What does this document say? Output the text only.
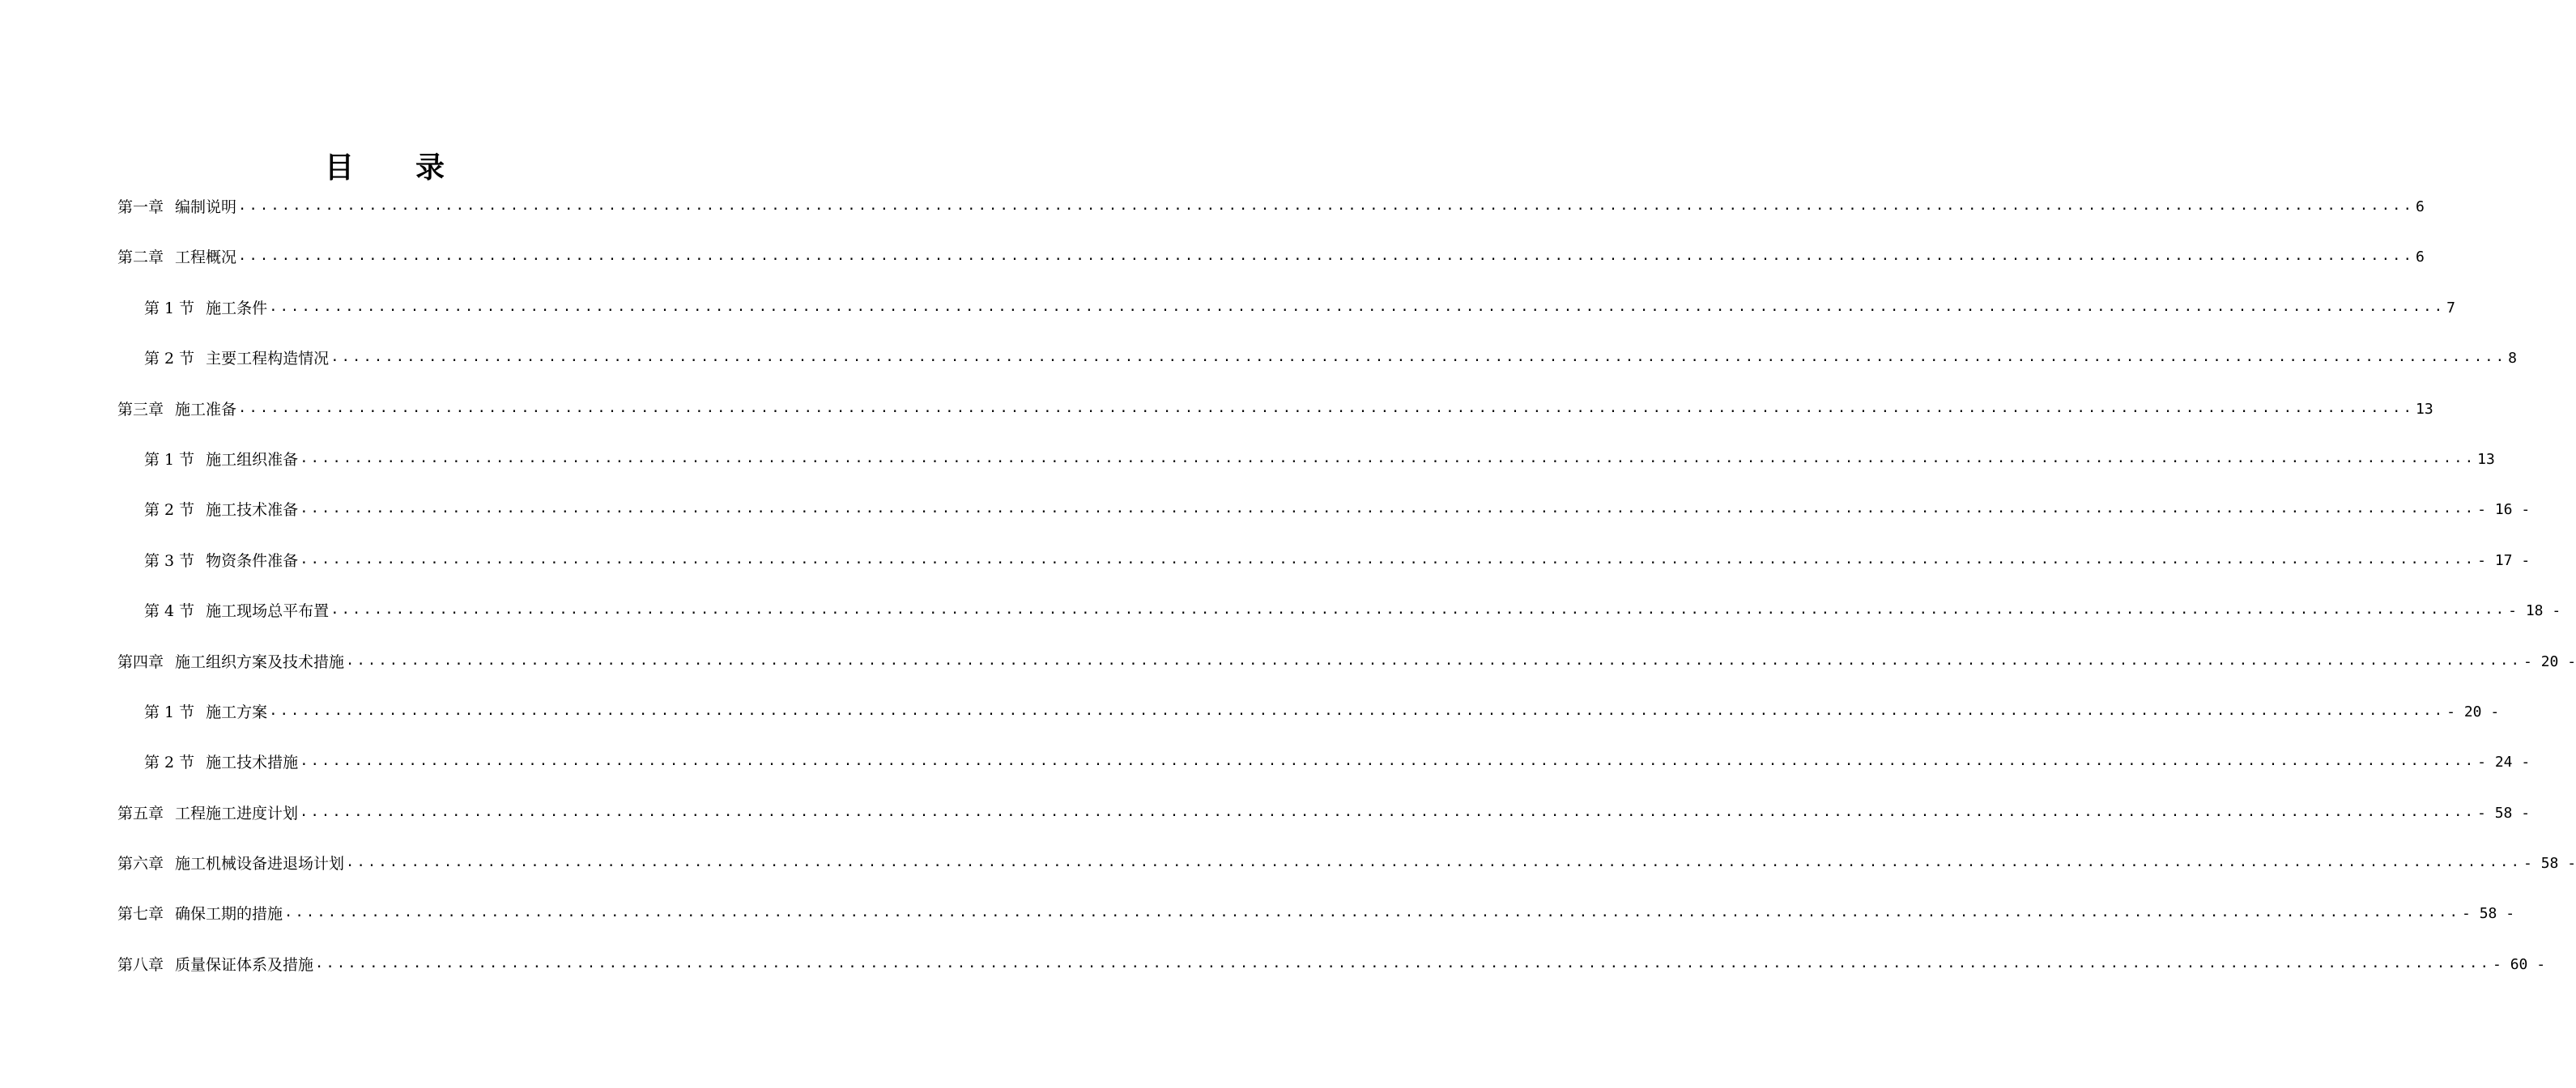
目 录
第一章 编制说明 ........................................................................................................................................................................................................ 6
第二章 工程概况 ........................................................................................................................................................................................................ 6
第 1 节 施工条件 ........................................................................................................................................................................................................ 7
第 2 节 主要工程构造情况 ........................................................................................................................................................................................................ 8
第三章 施工准备 ........................................................................................................................................................................................................ 13
第 1 节 施工组织准备 ........................................................................................................................................................................................................ 13
第 2 节 施工技术准备 ........................................................................................................................................................................................................ - 16 -
第 3 节 物资条件准备 ........................................................................................................................................................................................................ - 17 -
第 4 节 施工现场总平布置 ........................................................................................................................................................................................................ - 18 -
第四章 施工组织方案及技术措施 ........................................................................................................................................................................................................ - 20 -
第 1 节 施工方案 ........................................................................................................................................................................................................ - 20 -
第 2 节 施工技术措施 ........................................................................................................................................................................................................ - 24 -
第五章 工程施工进度计划 ........................................................................................................................................................................................................ - 58 -
第六章 施工机械设备进退场计划 ........................................................................................................................................................................................................ - 58 -
第七章 确保工期的措施 ........................................................................................................................................................................................................ - 58 -
第八章 质量保证体系及措施 ........................................................................................................................................................................................................ - 60 -
